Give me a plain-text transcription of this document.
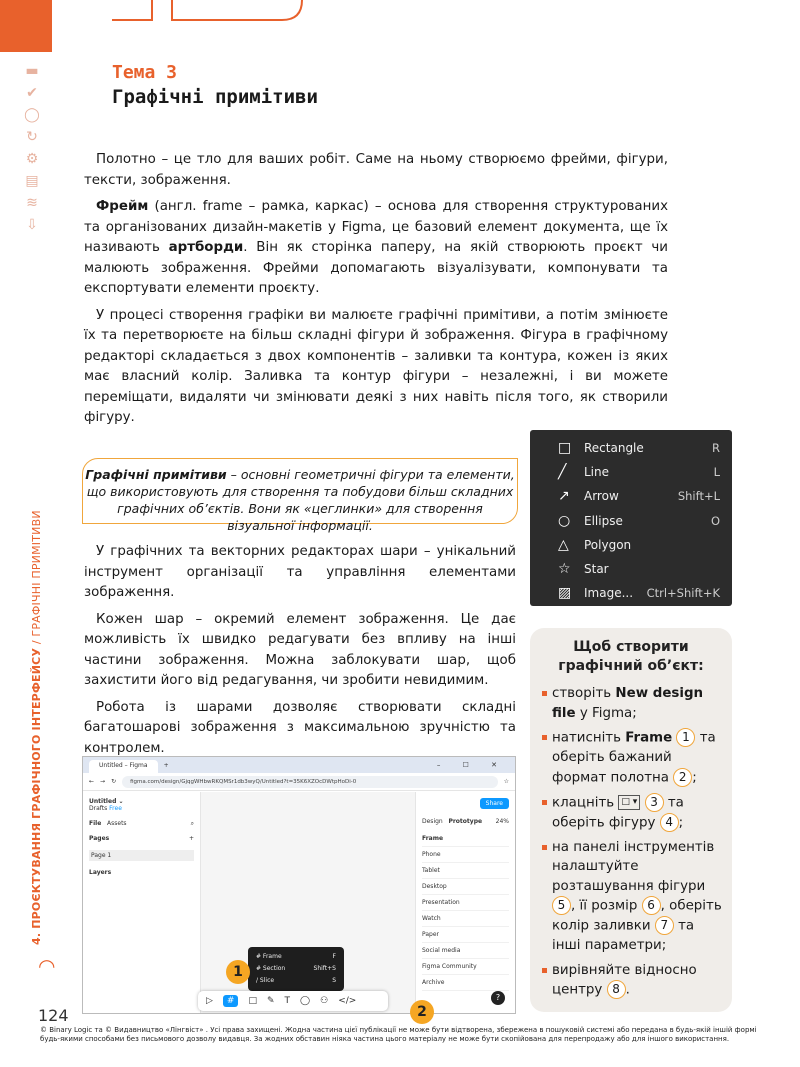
▬
✔
◯
↻
⚙
▤
≋
⇩
Тема 3
Графічні примітиви

Полотно – це тло для ваших робіт. Саме на ньому створюємо фрейми, фігури, тексти, зображення.

Фрейм (англ. frame – рамка, каркас) – основа для створення структурованих та організованих дизайн-макетів у Figma, це базовий елемент документа, ще їх називають артборди. Він як сторінка паперу, на якій створюють проєкт чи малюють зображення. Фрейми допомагають візуалізувати, компонувати та експортувати елементи проєкту.

У процесі створення графіки ви малюєте графічні примітиви, а потім змінюєте їх та перетворюєте на більш складні фігури й зображення. Фігура в графічному редакторі складається з двох компонентів – заливки та контура, кожен із яких має власний колір. Заливка та контур фігури – незалежні, і ви можете переміщати, видаляти чи змінювати деякі з них навіть після того, як створили фігуру.

Графічні примітиви – основні геометричні фігури та елементи, що використовують для створення та побудови більш складних графічних об’єктів. Вони як «цеглинки» для створення візуальної інформації.
□	Rectangle	R
╱	Line	L
↗	Arrow	Shift+L
○	Ellipse	O
△	Polygon
☆	Star
▨	Image...	Ctrl+Shift+K

У графічних та векторних редакторах шари – унікальний інструмент організації та управління елементами зображення.

Кожен шар – окремий елемент зображення. Це дає можливість їх швидко редагувати без впливу на інші частини зображення. Можна заблокувати шар, щоб захистити його від редагування, чи зробити невидимим.

Робота із шарами дозволяє створювати складні багатошарові зображення з максимальною зручністю та контролем.

Щоб створити графічний об’єкт:
створіть New design file у Figma;
натисніть Frame 1 та оберіть бажаний формат полотна 2 ;
клацніть □ ▾ 3 та оберіть фігуру 4 ;
на панелі інструментів налаштуйте розташування фігури 5 , її розмір 6 , оберіть колір заливки 7 та інші параметри;
вирівняйте відносно центру 8 .
Untitled – Figma	+	– ☐ ✕
← → ↻	figma.com/design/GjqgWHbwRKQMSr1db3wyQ/Untitled?t=35K6XZOcDWtpHoDi-0	☆
Untitled ⌄
Drafts Free
File Assets	⌕
Pages	+
Page 1
Layers
Share
Design Prototype 24%
Frame
Phone
Tablet
Desktop
Presentation
Watch
Paper
Social media
Figma Community
Archive
# Frame	F
# Section	Shift+S
/ Slice	S
▷	#	□ ✎ T ◯ ⚇ </>	?
1
2
4. ПРОЄКТУВАННЯ ГРАФІЧНОГО ІНТЕРФЕЙСУ / ГРАФІЧНІ ПРИМІТИВИ
◠
124
© Binary Logic та © Видавництво «Лінгвіст» . Усі права захищені. Жодна частина цієї публікації не може бути відтворена, збережена в пошуковій системі або передана в будь-якій іншій формі будь-якими способами без письмового дозволу видавця. За жодних обставин ніяка частина цього матеріалу не може бути скопійована для перепродажу або для іншого використання.
